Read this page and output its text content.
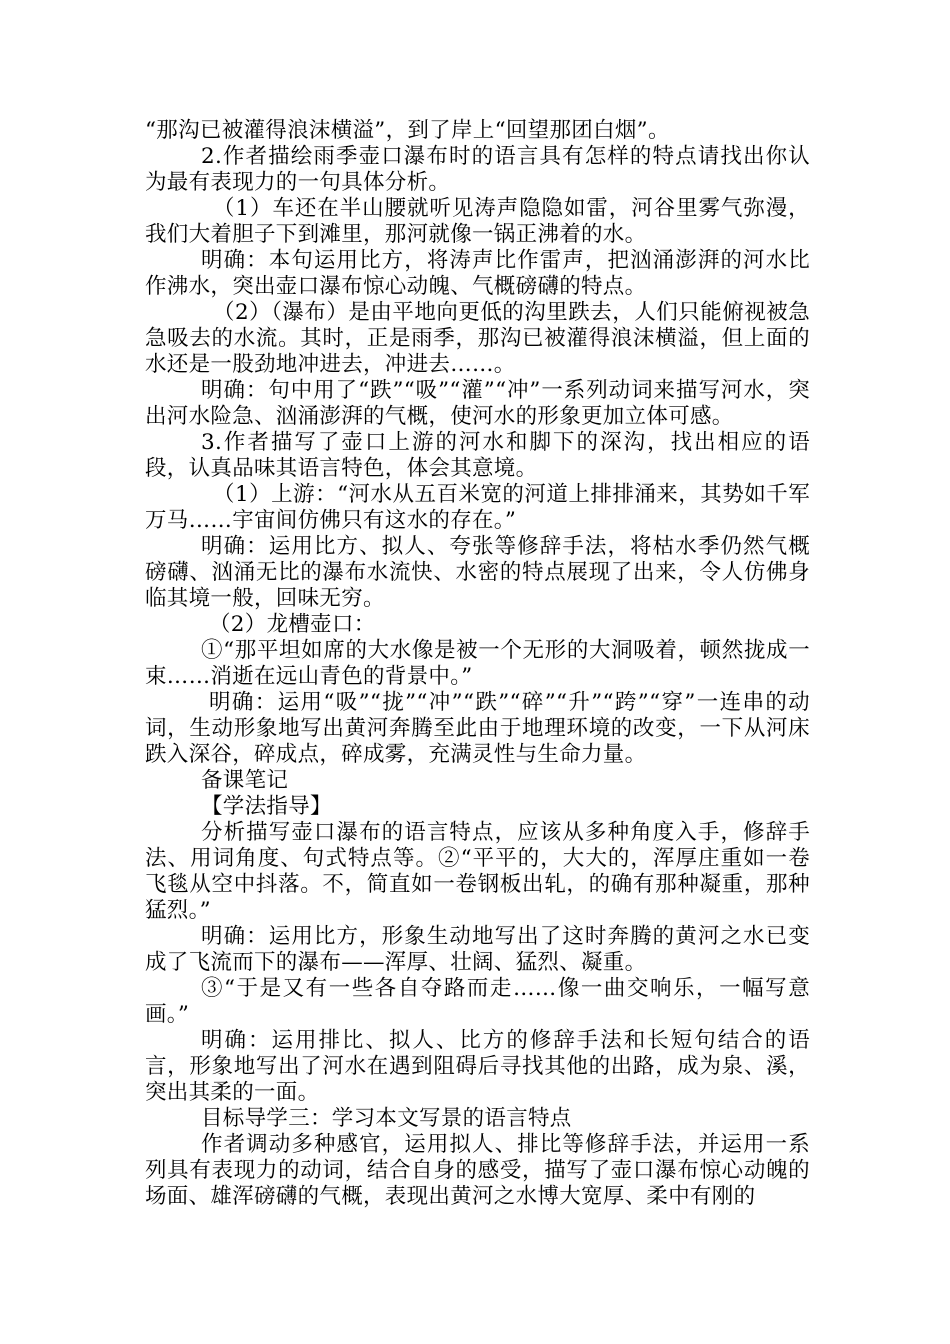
“那沟已被灌得浪沫横溢”，到了岸上“回望那团白烟”。

2.作者描绘雨季壶口瀑布时的语言具有怎样的特点请找出你认为最有表现力的一句具体分析。

（1）车还在半山腰就听见涛声隐隐如雷，河谷里雾气弥漫，我们大着胆子下到滩里，那河就像一锅正沸着的水。

明确：本句运用比方，将涛声比作雷声，把汹涌澎湃的河水比作沸水，突出壶口瀑布惊心动魄、气概磅礴的特点。

（2）（瀑布）是由平地向更低的沟里跌去，人们只能俯视被急急吸去的水流。其时，正是雨季，那沟已被灌得浪沫横溢，但上面的水还是一股劲地冲进去，冲进去……。

明确：句中用了“跌”“吸”“灌”“冲”一系列动词来描写河水，突出河水险急、汹涌澎湃的气概，使河水的形象更加立体可感。

3.作者描写了壶口上游的河水和脚下的深沟，找出相应的语段，认真品味其语言特色，体会其意境。

（1）上游：“河水从五百米宽的河道上排排涌来，其势如千军万马……宇宙间仿佛只有这水的存在。”

明确：运用比方、拟人、夸张等修辞手法，将枯水季仍然气概磅礴、汹涌无比的瀑布水流快、水密的特点展现了出来，令人仿佛身临其境一般，回味无穷。

（2）龙槽壶口：

①“那平坦如席的大水像是被一个无形的大洞吸着，顿然拢成一束……消逝在远山青色的背景中。”

明确：运用“吸”“拢”“冲”“跌”“碎”“升”“跨”“穿”一连串的动词，生动形象地写出黄河奔腾至此由于地理环境的改变，一下从河床跌入深谷，碎成点，碎成雾，充满灵性与生命力量。

备课笔记

【学法指导】

分析描写壶口瀑布的语言特点，应该从多种角度入手，修辞手法、用词角度、句式特点等。②“平平的，大大的，浑厚庄重如一卷飞毯从空中抖落。不，简直如一卷钢板出轧，的确有那种凝重，那种猛烈。”

明确：运用比方，形象生动地写出了这时奔腾的黄河之水已变成了飞流而下的瀑布——浑厚、壮阔、猛烈、凝重。

③“于是又有一些各自夺路而走……像一曲交响乐，一幅写意画。”

明确：运用排比、拟人、比方的修辞手法和长短句结合的语言，形象地写出了河水在遇到阻碍后寻找其他的出路，成为泉、溪，突出其柔的一面。

目标导学三：学习本文写景的语言特点

作者调动多种感官，运用拟人、排比等修辞手法，并运用一系列具有表现力的动词，结合自身的感受，描写了壶口瀑布惊心动魄的场面、雄浑磅礴的气概，表现出黄河之水博大宽厚、柔中有刚的
